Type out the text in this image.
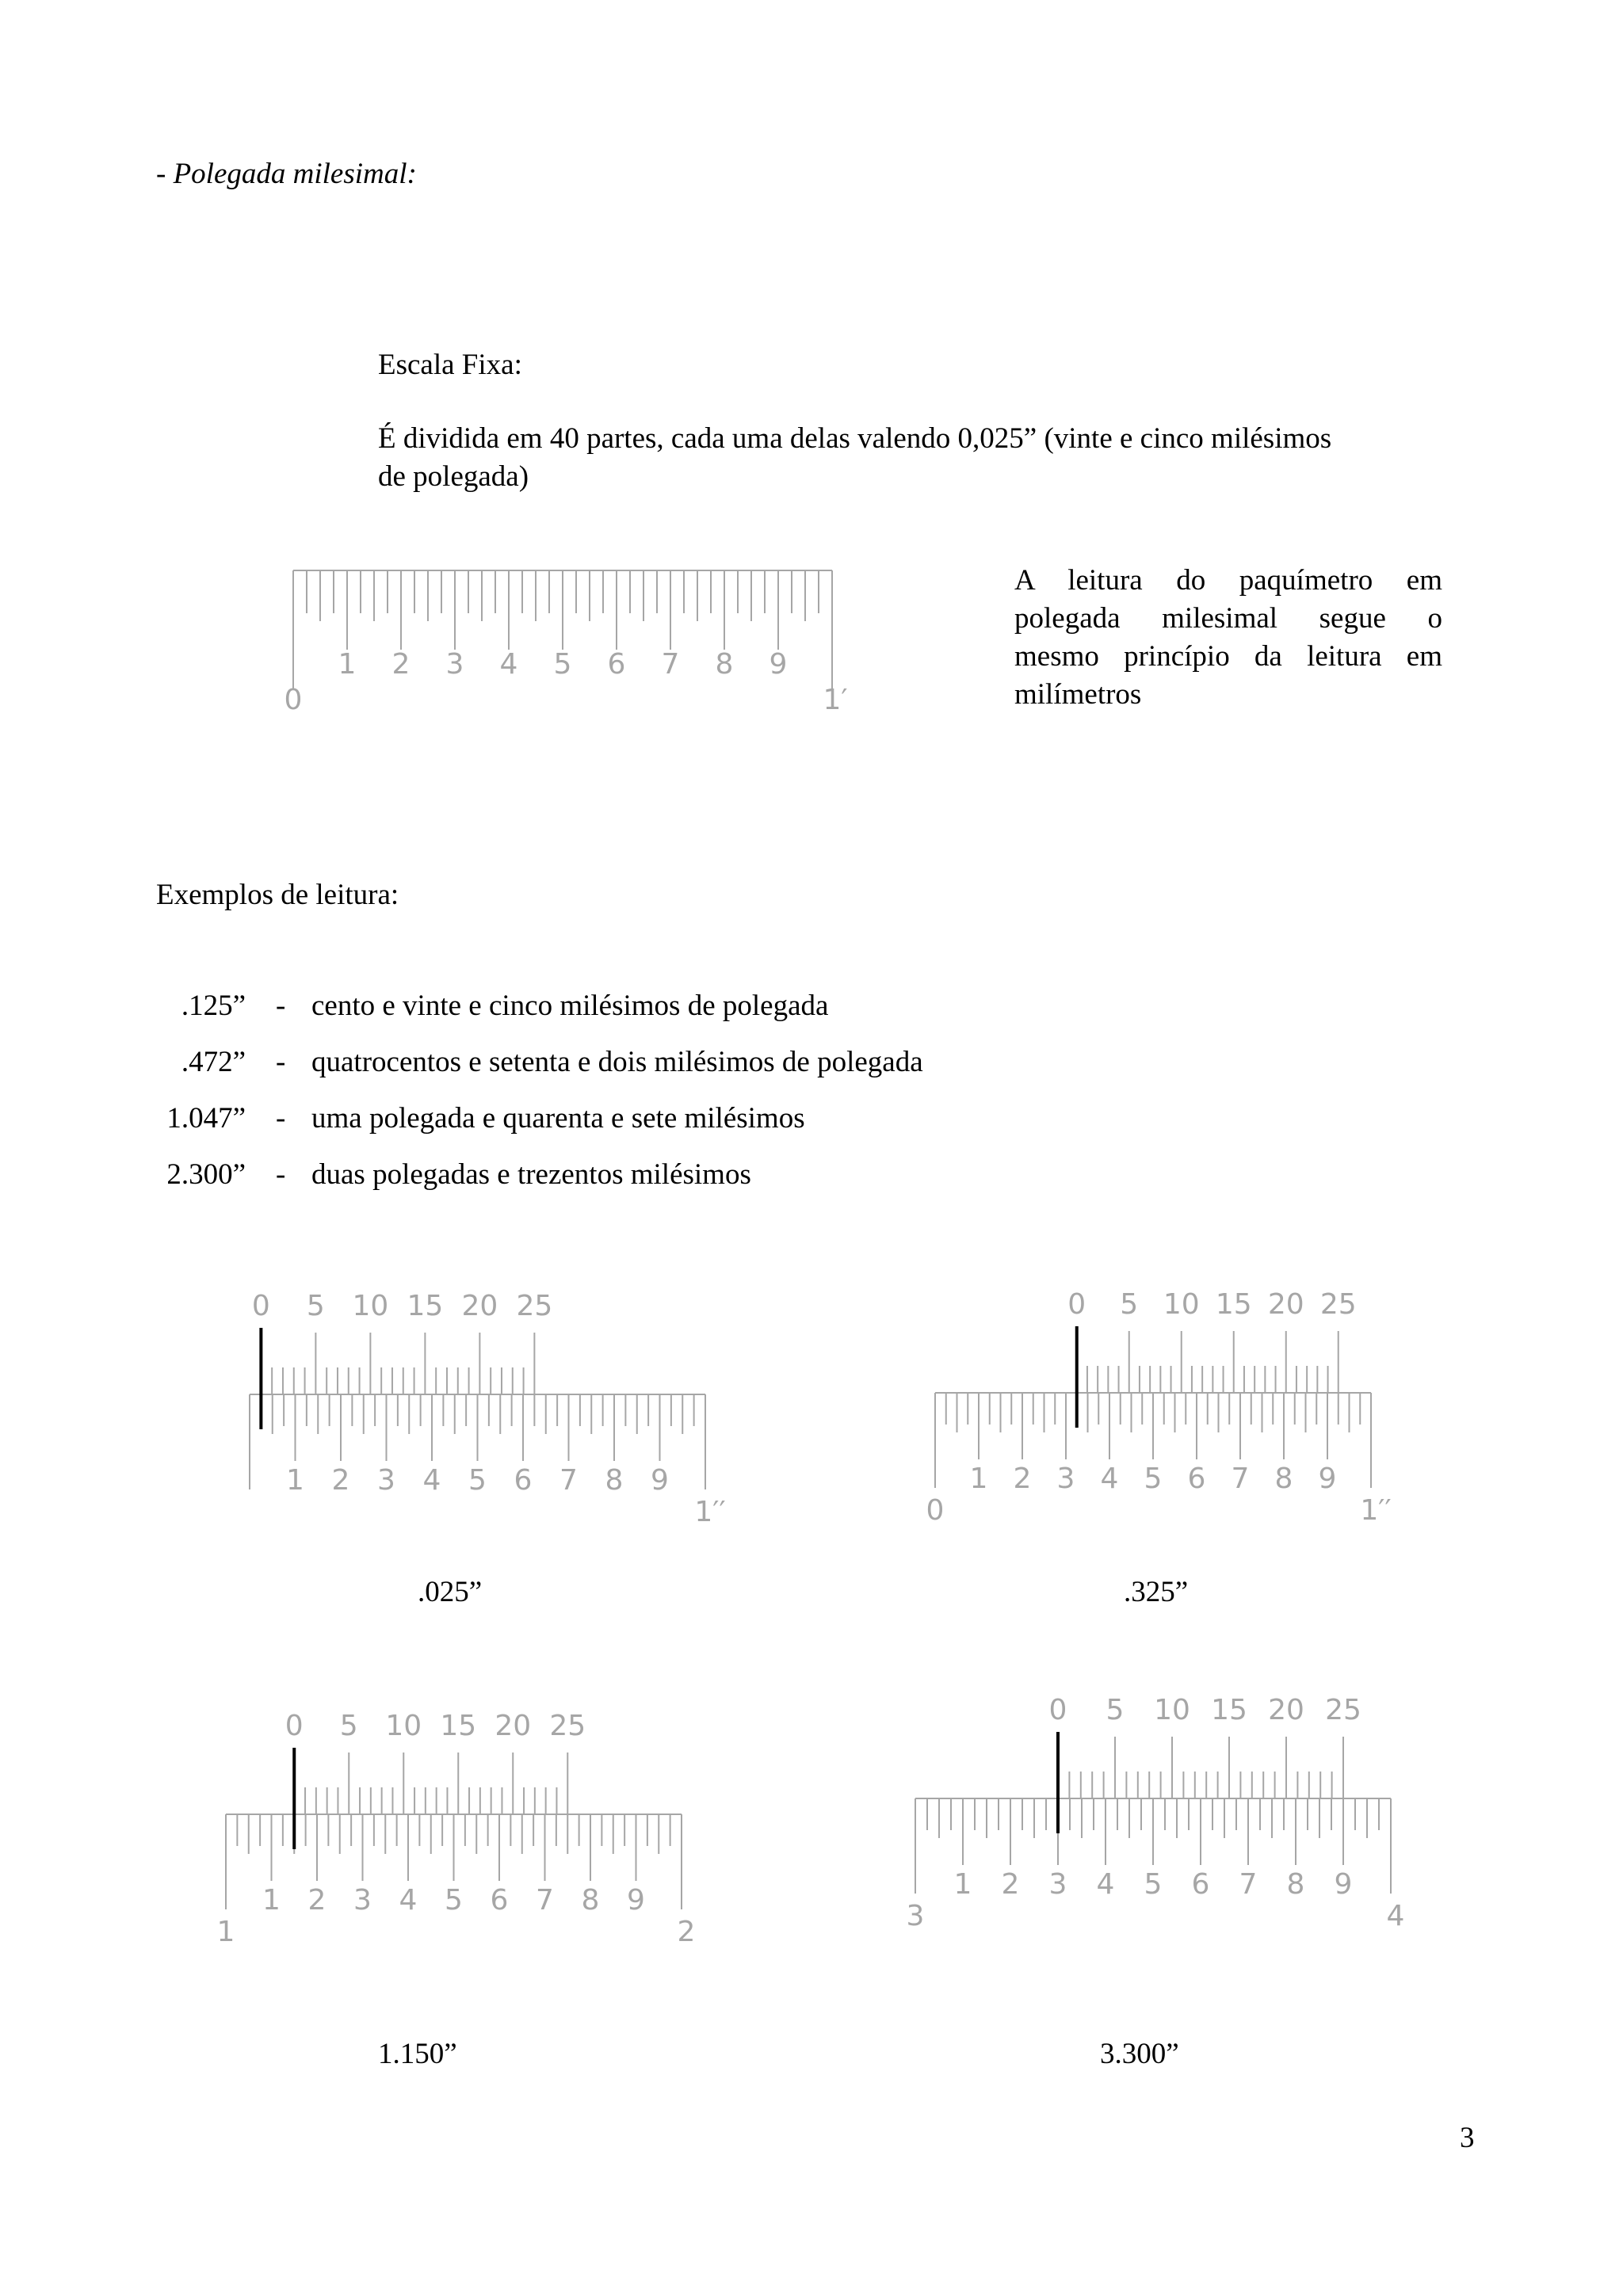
- Polegada milesimal:
Escala Fixa:
É dividida em 40 partes, cada uma delas valendo 0,025” (vinte e cinco milésimos
de polegada)
0
1 2 3 4 5 6 7 8 9
1′
A leitura do paquímetro em
polegada milesimal segue o
mesmo princípio da leitura em
milímetros
Exemplos de leitura:
.125” - cento e vinte e cinco milésimos de polegada
.472” - quatrocentos e setenta e dois milésimos de polegada
1.047” - uma polegada e quarenta e sete milésimos
2.300” - duas polegadas e trezentos milésimos
1 2 3 4 5 6 7 8 9
1′′
0 5 10 15 20 25
.025”
0
1 2 3 4 5 6 7 8 9
1′′
0 5 10 15 20 25
.325”
1
1 2 3 4 5 6 7 8 9
2
0 5 10 15 20 25
1.150”
3
1 2 3 4 5 6 7 8 9
4
0 5 10 15 20 25
3.300”
3
